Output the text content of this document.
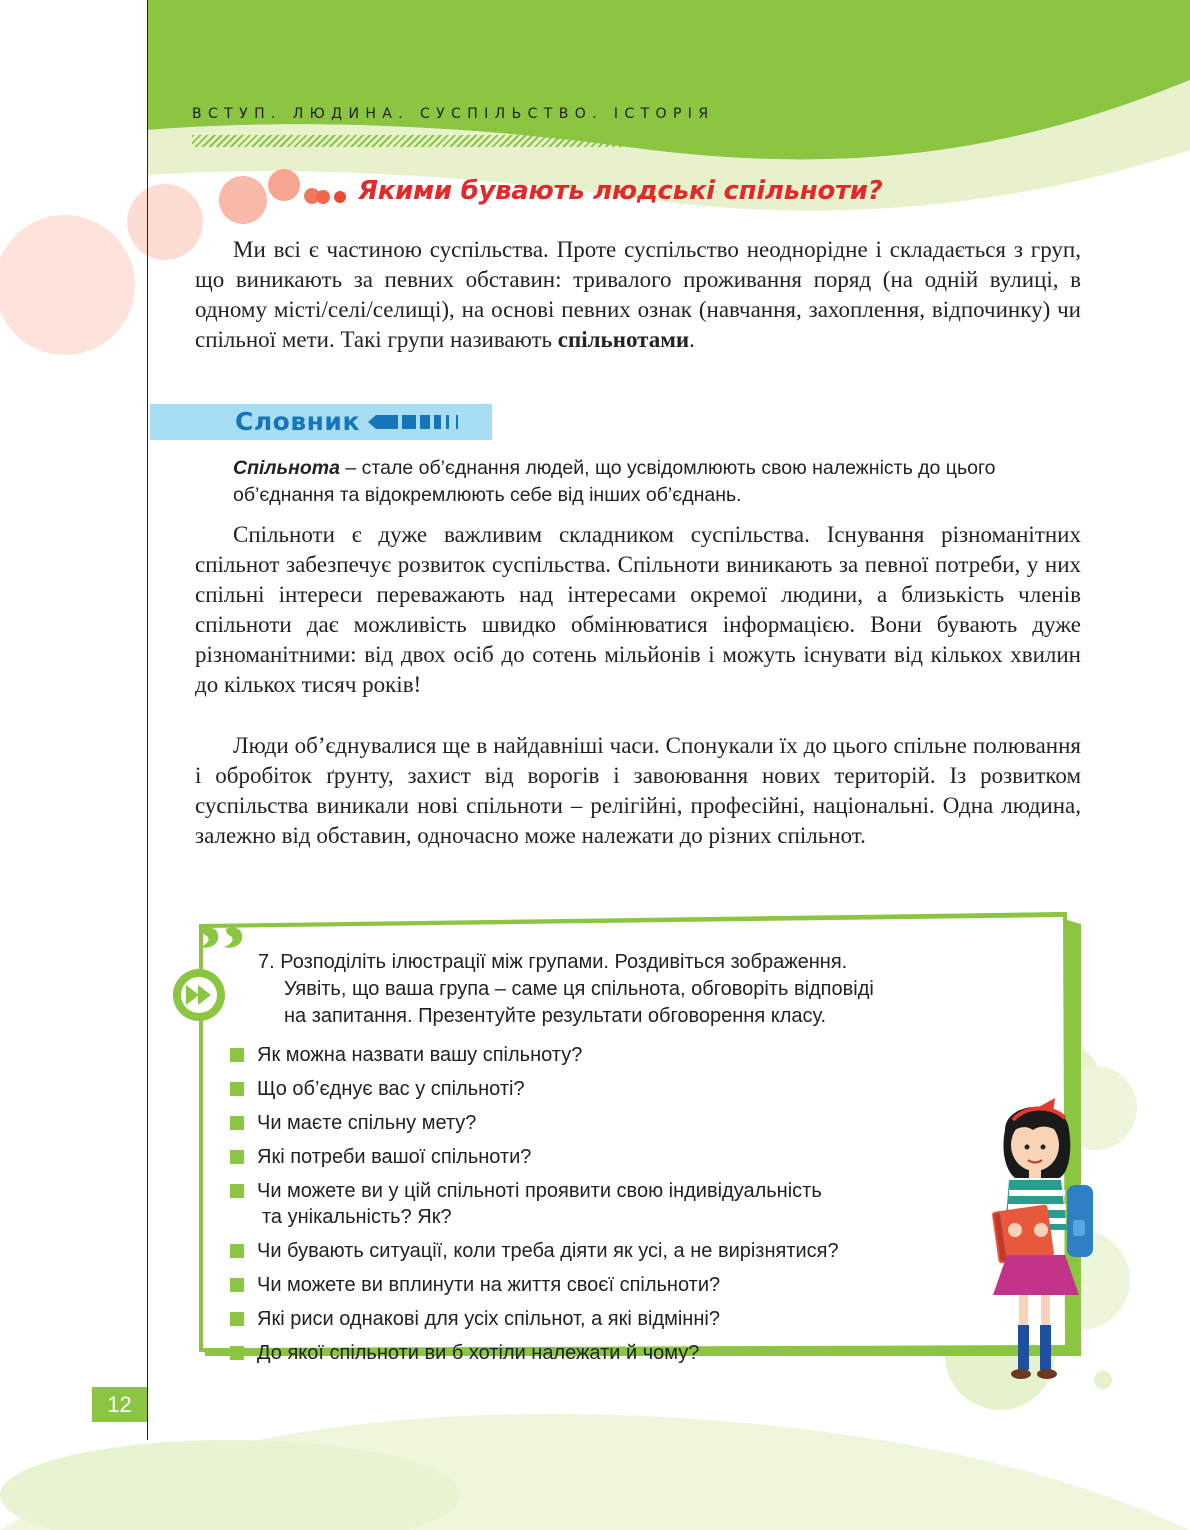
ВСТУП. ЛЮДИНА. СУСПІЛЬСТВО. ІСТОРІЯ
Якими бувають людські спільноти?

Ми всі є частиною суспільства. Проте суспільство неоднорідне і складається з груп, що виникають за певних обставин: тривалого проживання поряд (на одній вулиці, в одному місті/селі/селищі), на основі певних ознак (навчання, захоплення, відпочинку) чи спільної мети. Такі групи називають спільнотами.

Словник

Спільнота – стале об’єднання людей, що усвідомлюють свою належність до цього об’єднання та відокремлюють себе від інших об’єднань.

Спільноти є дуже важливим складником суспільства. Існування різноманітних спільнот забезпечує розвиток суспільства. Спільноти виникають за певної потреби, у них спільні інтереси переважають над інтересами окремої людини, а близькість членів спільноти дає можливість швидко обмінюватися інформацією. Вони бувають дуже різноманітними: від двох осіб до сотень мільйонів і можуть існувати від кількох хвилин до кількох тисяч років!

Люди об’єднувалися ще в найдавніші часи. Спонукали їх до цього спільне полювання і обробіток ґрунту, захист від ворогів і завоювання нових територій. Із розвитком суспільства виникали нові спільноти – релігійні, професійні, національні. Одна людина, залежно від обставин, одночасно може належати до різних спільнот.

7. Розподіліть ілюстрації між групами. Роздивіться зображення.
Уявіть, що ваша група – саме ця спільнота, обговоріть відповіді
на запитання. Презентуйте результати обговорення класу.
Як можна назвати вашу спільноту?
Що об’єднує вас у спільноті?
Чи маєте спільну мету?
Які потреби вашої спільноти?
Чи можете ви у цій спільноті проявити свою індивідуальність
та унікальність? Як?
Чи бувають ситуації, коли треба діяти як усі, а не вирізнятися?
Чи можете ви вплинути на життя своєї спільноти?
Які риси однакові для усіх спільнот, а які відмінні?
До якої спільноти ви б хотіли належати й чому?
12
